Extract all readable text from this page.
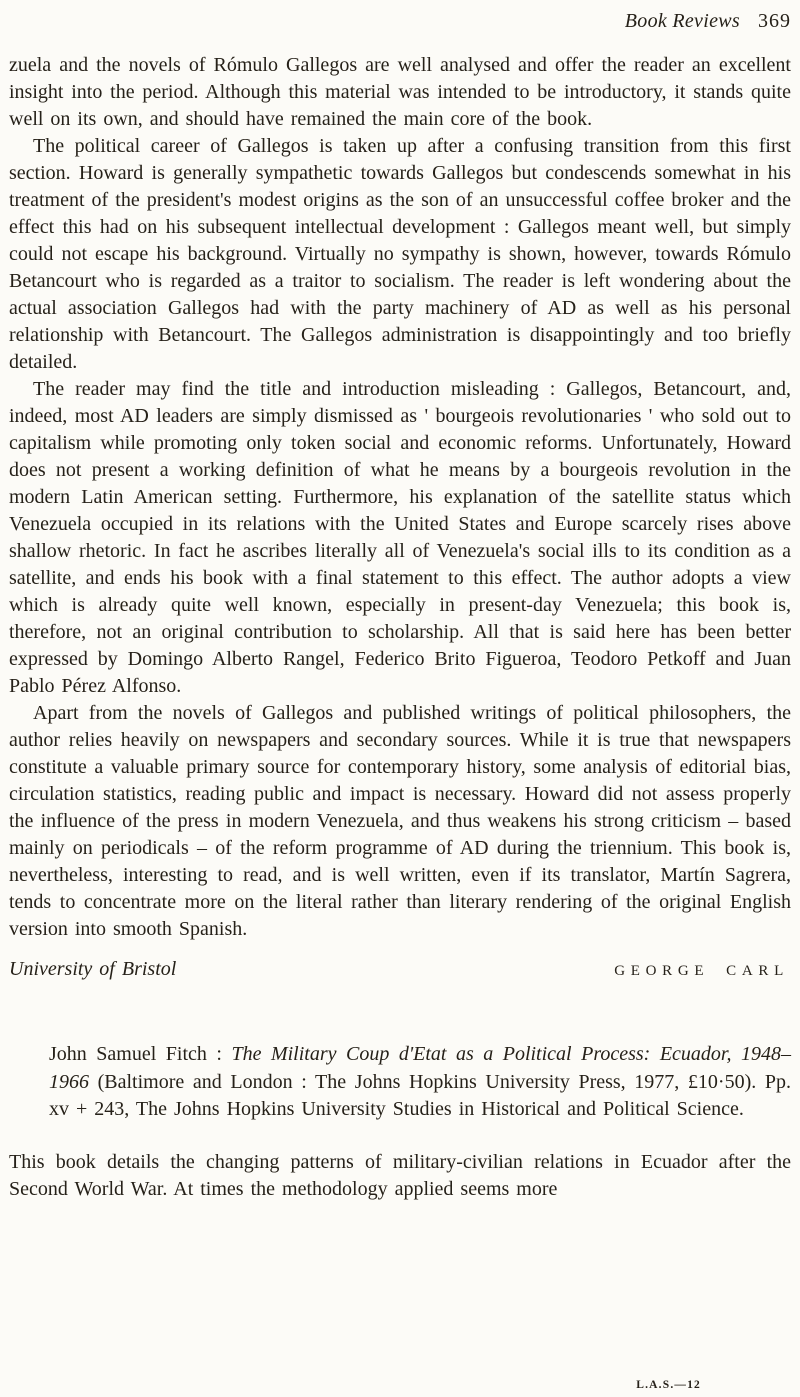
Book Reviews 369

zuela and the novels of Rómulo Gallegos are well analysed and offer the reader an excellent insight into the period. Although this material was intended to be introductory, it stands quite well on its own, and should have remained the main core of the book.

The political career of Gallegos is taken up after a confusing transition from this first section. Howard is generally sympathetic towards Gallegos but condescends somewhat in his treatment of the president's modest origins as the son of an unsuccessful coffee broker and the effect this had on his subsequent intellectual development : Gallegos meant well, but simply could not escape his background. Virtually no sympathy is shown, however, towards Rómulo Betancourt who is regarded as a traitor to socialism. The reader is left wondering about the actual association Gallegos had with the party machinery of AD as well as his personal relationship with Betancourt. The Gallegos administration is disappointingly and too briefly detailed.

The reader may find the title and introduction misleading : Gallegos, Betancourt, and, indeed, most AD leaders are simply dismissed as ' bourgeois revolutionaries ' who sold out to capitalism while promoting only token social and economic reforms. Unfortunately, Howard does not present a working definition of what he means by a bourgeois revolution in the modern Latin American setting. Furthermore, his explanation of the satellite status which Venezuela occupied in its relations with the United States and Europe scarcely rises above shallow rhetoric. In fact he ascribes literally all of Venezuela's social ills to its condition as a satellite, and ends his book with a final statement to this effect. The author adopts a view which is already quite well known, especially in present-day Venezuela; this book is, therefore, not an original contribution to scholarship. All that is said here has been better expressed by Domingo Alberto Rangel, Federico Brito Figueroa, Teodoro Petkoff and Juan Pablo Pérez Alfonso.

Apart from the novels of Gallegos and published writings of political philosophers, the author relies heavily on newspapers and secondary sources. While it is true that newspapers constitute a valuable primary source for contemporary history, some analysis of editorial bias, circulation statistics, reading public and impact is necessary. Howard did not assess properly the influence of the press in modern Venezuela, and thus weakens his strong criticism – based mainly on periodicals – of the reform programme of AD during the triennium. This book is, nevertheless, interesting to read, and is well written, even if its translator, Martín Sagrera, tends to concentrate more on the literal rather than literary rendering of the original English version into smooth Spanish.

University of Bristol	GEORGE CARL
John Samuel Fitch : The Military Coup d'Etat as a Political Process: Ecuador, 1948–1966 (Baltimore and London : The Johns Hopkins University Press, 1977, £10·50). Pp. xv + 243, The Johns Hopkins University Studies in Historical and Political Science.

This book details the changing patterns of military-civilian relations in Ecuador after the Second World War. At times the methodology applied seems more

L.A.S.—12
